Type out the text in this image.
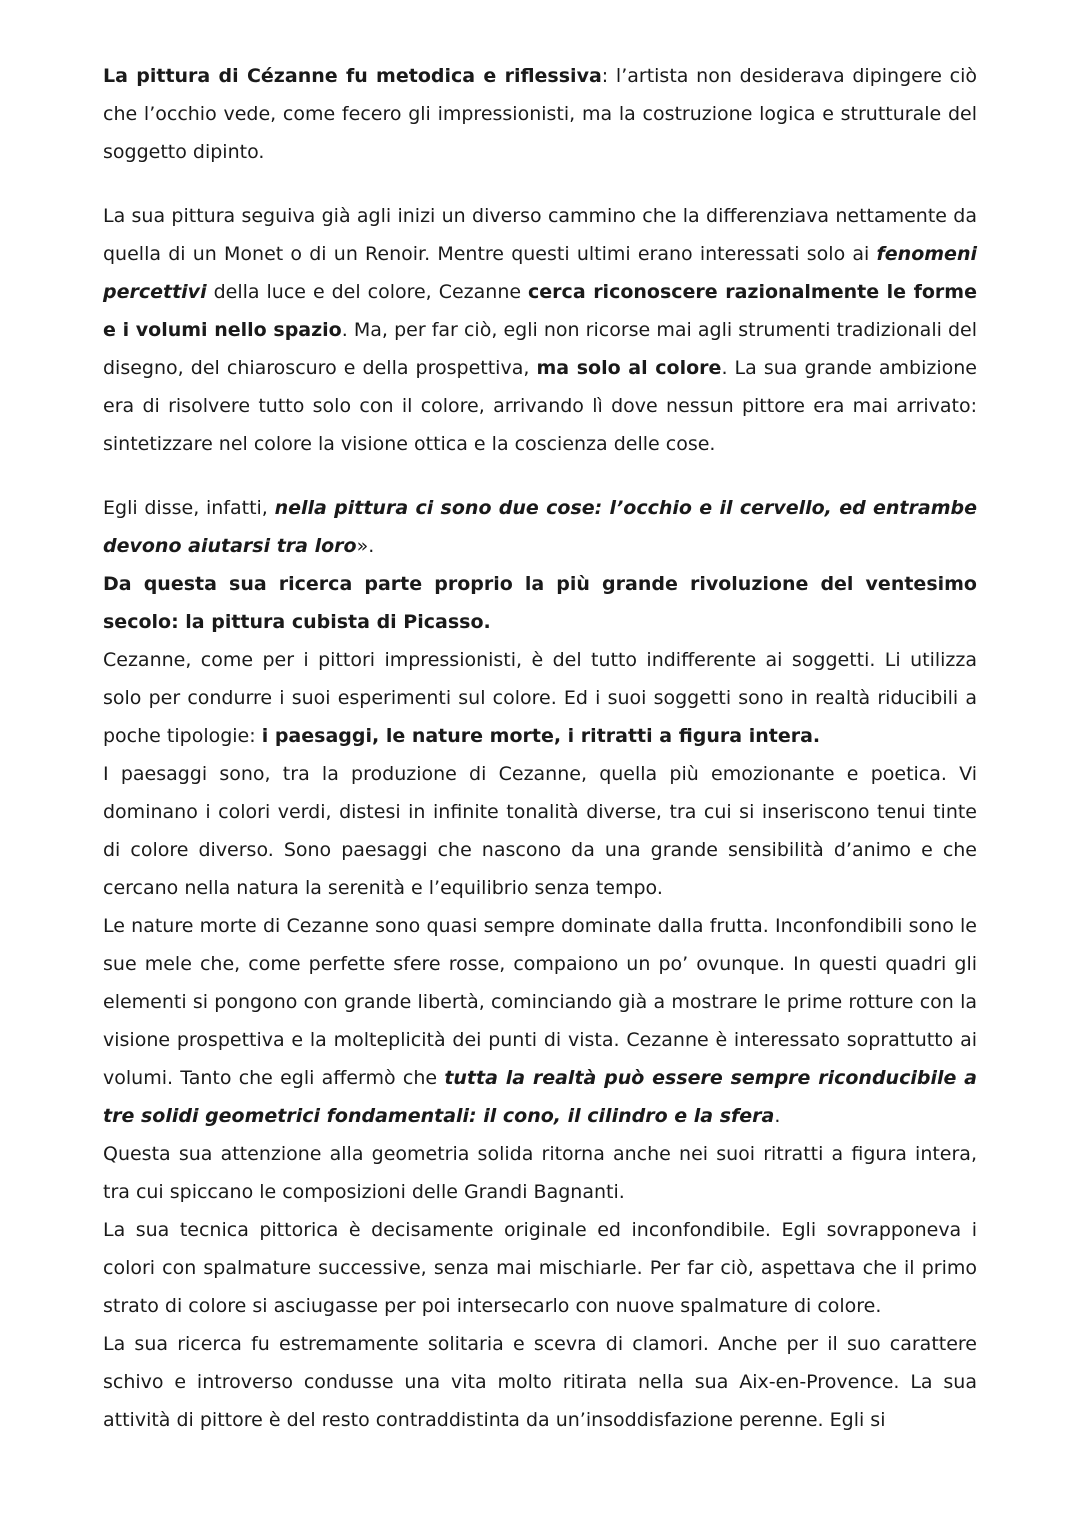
La pittura di Cézanne fu metodica e riflessiva: l’artista non desiderava dipingere ciò che l’occhio vede, come fecero gli impressionisti, ma la costruzione logica e strutturale del soggetto dipinto.

La sua pittura seguiva già agli inizi un diverso cammino che la differenziava nettamente da quella di un Monet o di un Renoir. Mentre questi ultimi erano interessati solo ai fenomeni percettivi della luce e del colore, Cezanne cerca riconoscere razionalmente le forme e i volumi nello spazio. Ma, per far ciò, egli non ricorse mai agli strumenti tradizionali del disegno, del chiaroscuro e della prospettiva, ma solo al colore. La sua grande ambizione era di risolvere tutto solo con il colore, arrivando lì dove nessun pittore era mai arrivato: sintetizzare nel colore la visione ottica e la coscienza delle cose.

Egli disse, infatti, nella pittura ci sono due cose: l’occhio e il cervello, ed entrambe devono aiutarsi tra loro».

Da questa sua ricerca parte proprio la più grande rivoluzione del ventesimo secolo: la pittura cubista di Picasso.

Cezanne, come per i pittori impressionisti, è del tutto indifferente ai soggetti. Li utilizza solo per condurre i suoi esperimenti sul colore. Ed i suoi soggetti sono in realtà riducibili a poche tipologie: i paesaggi, le nature morte, i ritratti a figura intera.

I paesaggi sono, tra la produzione di Cezanne, quella più emozionante e poetica. Vi dominano i colori verdi, distesi in infinite tonalità diverse, tra cui si inseriscono tenui tinte di colore diverso. Sono paesaggi che nascono da una grande sensibilità d’animo e che cercano nella natura la serenità e l’equilibrio senza tempo.

Le nature morte di Cezanne sono quasi sempre dominate dalla frutta. Inconfondibili sono le sue mele che, come perfette sfere rosse, compaiono un po’ ovunque. In questi quadri gli elementi si pongono con grande libertà, cominciando già a mostrare le prime rotture con la visione prospettiva e la molteplicità dei punti di vista. Cezanne è interessato soprattutto ai volumi. Tanto che egli affermò che tutta la realtà può essere sempre riconducibile a tre solidi geometrici fondamentali: il cono, il cilindro e la sfera.

Questa sua attenzione alla geometria solida ritorna anche nei suoi ritratti a figura intera, tra cui spiccano le composizioni delle Grandi Bagnanti.

La sua tecnica pittorica è decisamente originale ed inconfondibile. Egli sovrapponeva i colori con spalmature successive, senza mai mischiarle. Per far ciò, aspettava che il primo strato di colore si asciugasse per poi intersecarlo con nuove spalmature di colore.

La sua ricerca fu estremamente solitaria e scevra di clamori. Anche per il suo carattere schivo e introverso condusse una vita molto ritirata nella sua Aix-en-Provence. La sua attività di pittore è del resto contraddistinta da un’insoddisfazione perenne. Egli si
